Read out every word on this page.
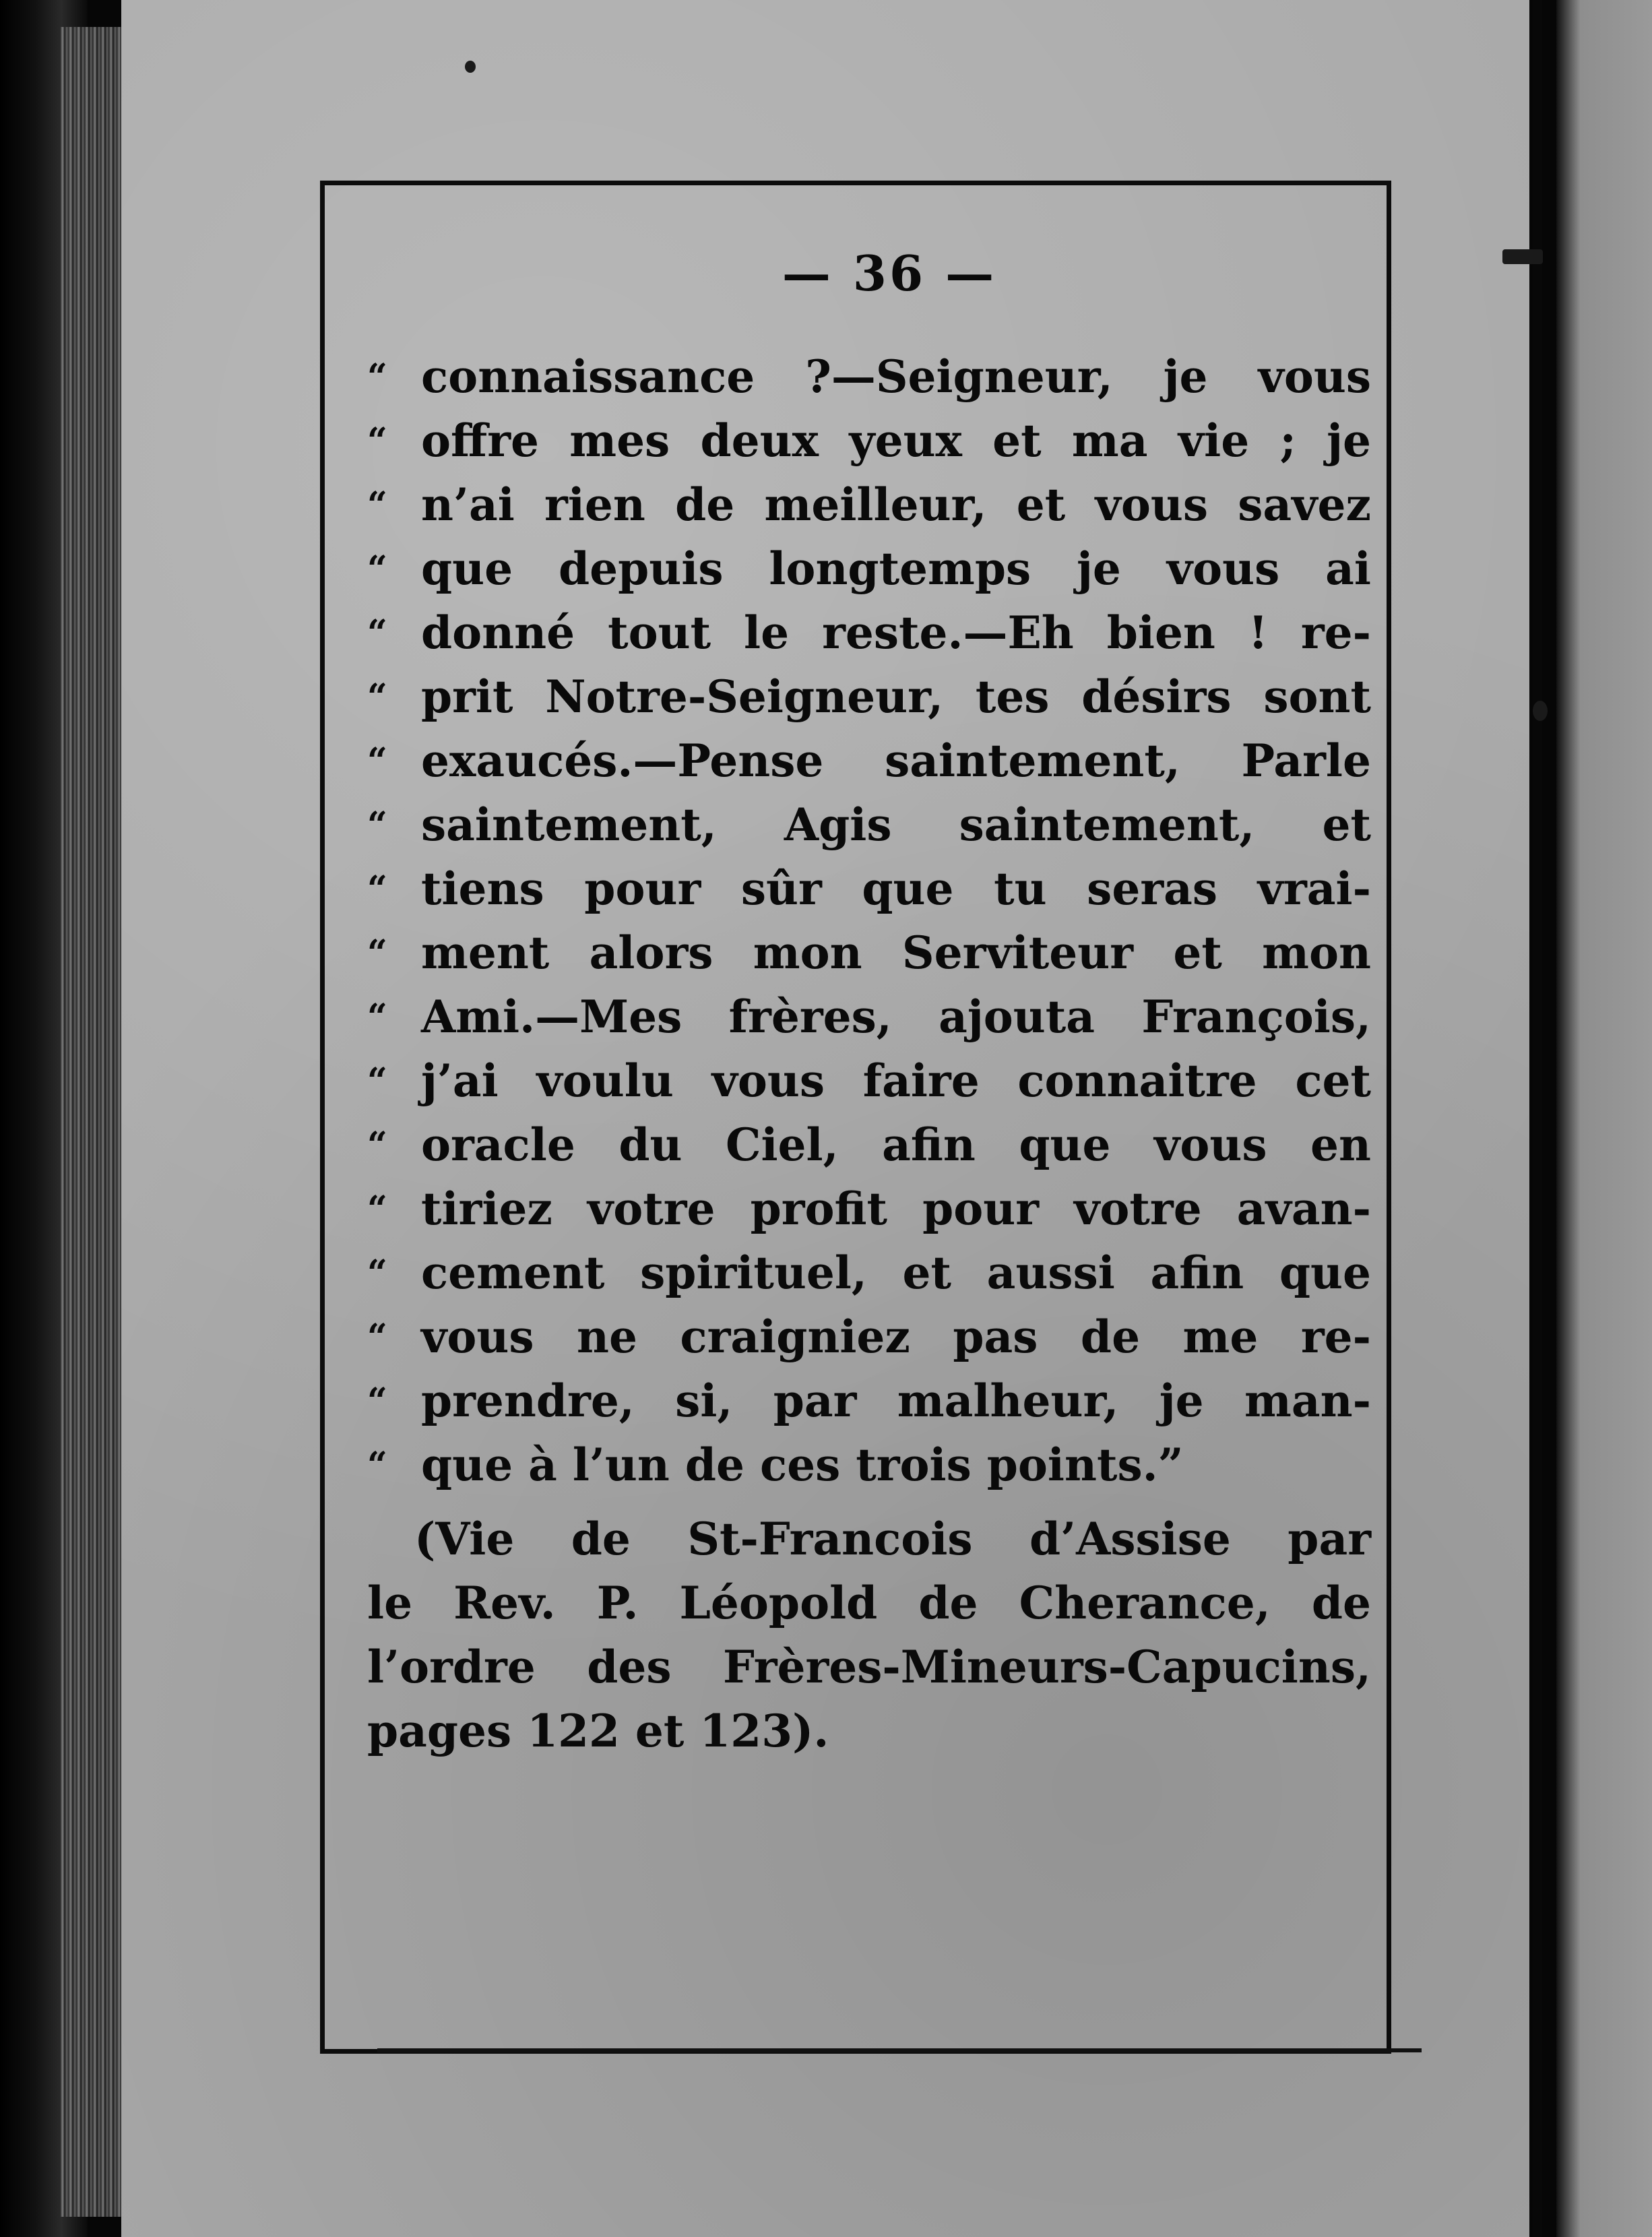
— 36 —
“ connaissance ?—Seigneur, je vous
“ offre mes deux yeux et ma vie ; je
“ n’ai rien de meilleur, et vous savez
“ que depuis longtemps je vous ai
“ donné tout le reste.—Eh bien ! re-
“ prit Notre-Seigneur, tes désirs sont
“ exaucés.—Pense saintement, Parle
“ saintement, Agis saintement, et
“ tiens pour sûr que tu seras vrai-
“ ment alors mon Serviteur et mon
“ Ami.—Mes frères, ajouta François,
“ j’ai voulu vous faire connaitre cet
“ oracle du Ciel, afin que vous en
“ tiriez votre profit pour votre avan-
“ cement spirituel, et aussi afin que
“ vous ne craigniez pas de me re-
“ prendre, si, par malheur, je man-
“ que à l’un de ces trois points.”
(Vie de St-Francois d’Assise par
le Rev. P. Léopold de Cherance, de
l’ordre des Frères-Mineurs-Capucins,
pages 122 et 123).
